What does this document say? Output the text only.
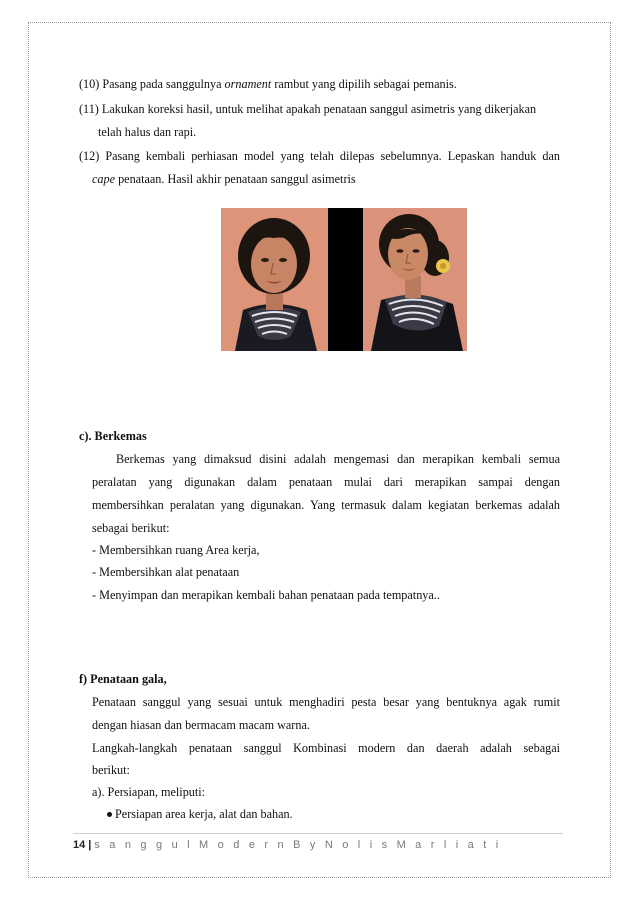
(10) Pasang pada sanggulnya ornament rambut yang dipilih sebagai pemanis.
(11) Lakukan koreksi hasil, untuk melihat apakah penataan sanggul asimetris yang dikerjakan
telah halus dan rapi.
(12) Pasang kembali perhiasan model yang telah dilepas sebelumnya. Lepaskan handuk dan
cape penataan. Hasil akhir penataan sanggul asimetris
c). Berkemas
Berkemas yang dimaksud disini adalah mengemasi dan merapikan kembali semua
peralatan yang digunakan dalam penataan mulai dari merapikan sampai dengan
membersihkan peralatan yang digunakan. Yang termasuk dalam kegiatan berkemas adalah
sebagai berikut:
- Membersihkan ruang Area kerja,
- Membersihkan alat penataan
- Menyimpan dan merapikan kembali bahan penataan pada tempatnya..
f) Penataan gala,
Penataan sanggul yang sesuai untuk menghadiri pesta besar yang bentuknya agak rumit
dengan hiasan dan bermacam macam warna.
Langkah-langkah penataan sanggul Kombinasi modern dan daerah adalah sebagai
berikut:
a). Persiapan, meliputi:
Persiapan area kerja, alat dan bahan.
14 | s a n g g u l M o d e r n B y N o l i s M a r l i a t i
